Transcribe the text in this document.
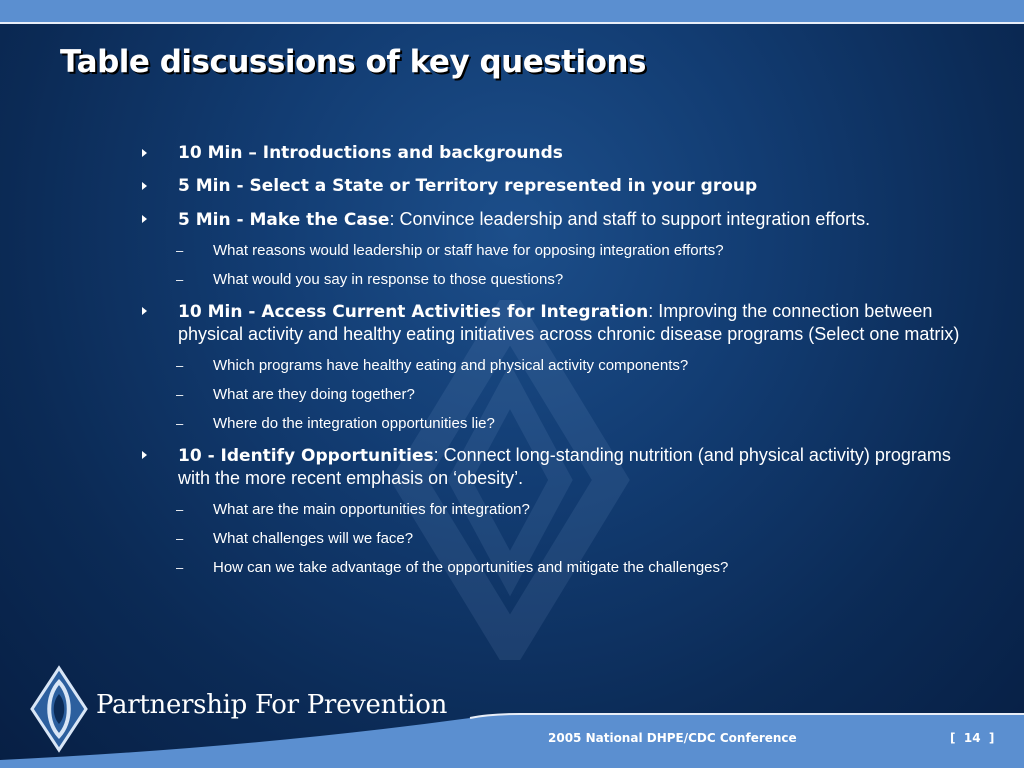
Table discussions of key questions
10 Min – Introductions and backgrounds
5 Min - Select a State or Territory represented in your group
5 Min - Make the Case: Convince leadership and staff to support integration efforts.
– What reasons would leadership or staff have for opposing integration efforts?
– What would you say in response to those questions?
10 Min - Access Current Activities for Integration: Improving the connection between physical activity and healthy eating initiatives across chronic disease programs (Select one matrix)
– Which programs have healthy eating and physical activity components?
– What are they doing together?
– Where do the integration opportunities lie?
10 - Identify Opportunities: Connect long-standing nutrition (and physical activity) programs with the more recent emphasis on ‘obesity’.
– What are the main opportunities for integration?
– What challenges will we face?
– How can we take advantage of the opportunities and mitigate the challenges?
Partnership For Prevention
2005 National DHPE/CDC Conference	[  14  ]
